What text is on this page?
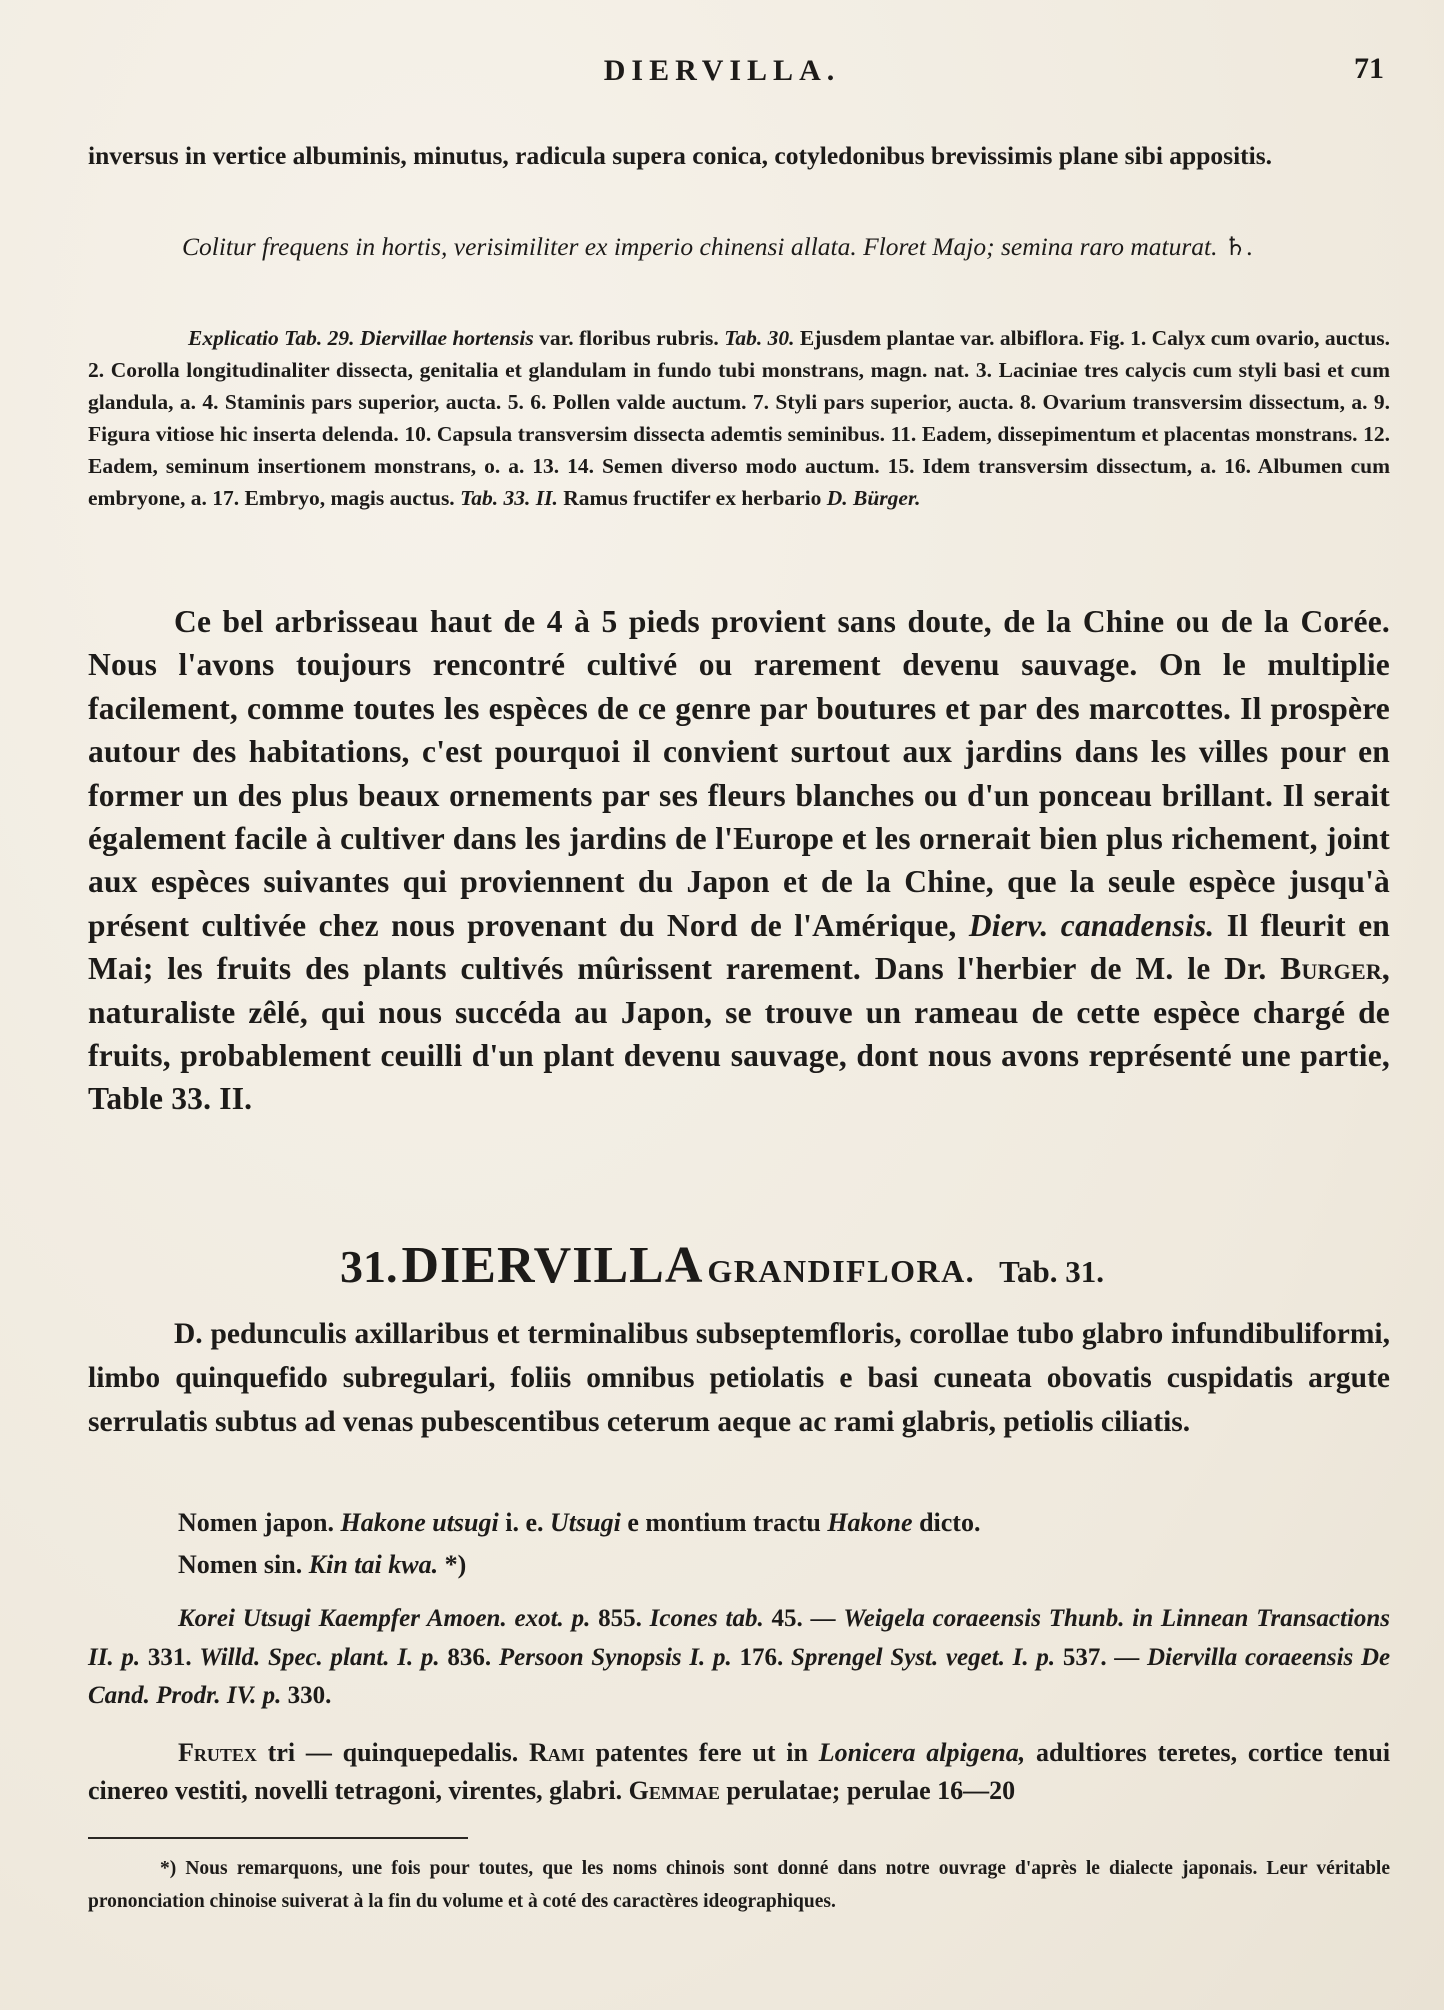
DIERVILLA.	71
inversus in vertice albuminis, minutus, radicula supera conica, cotyledonibus brevissimis plane sibi appositis.
Colitur frequens in hortis, verisimiliter ex imperio chinensi allata. Floret Majo; semina raro maturat. ♄.
Explicatio Tab. 29. Diervillae hortensis var. floribus rubris. Tab. 30. Ejusdem plantae var. albiflora. Fig. 1. Calyx cum ovario, auctus. 2. Corolla longitudinaliter dissecta, genitalia et glandulam in fundo tubi monstrans, magn. nat. 3. Laciniae tres calycis cum styli basi et cum glandula, a. 4. Staminis pars superior, aucta. 5. 6. Pollen valde auctum. 7. Styli pars superior, aucta. 8. Ovarium transversim dissectum, a. 9. Figura vitiose hic inserta delenda. 10. Capsula transversim dissecta ademtis seminibus. 11. Eadem, dissepimentum et placentas monstrans. 12. Eadem, seminum insertionem monstrans, o. a. 13. 14. Semen diverso modo auctum. 15. Idem transversim dissectum, a. 16. Albumen cum embryone, a. 17. Embryo, magis auctus. Tab. 33. II. Ramus fructifer ex herbario D. Bürger.
Ce bel arbrisseau haut de 4 à 5 pieds provient sans doute, de la Chine ou de la Corée. Nous l'avons toujours rencontré cultivé ou rarement devenu sauvage. On le multiplie facilement, comme toutes les espèces de ce genre par boutures et par des marcottes. Il prospère autour des habitations, c'est pourquoi il convient surtout aux jardins dans les villes pour en former un des plus beaux ornements par ses fleurs blanches ou d'un ponceau brillant. Il serait également facile à cultiver dans les jardins de l'Europe et les ornerait bien plus richement, joint aux espèces suivantes qui proviennent du Japon et de la Chine, que la seule espèce jusqu'à présent cultivée chez nous provenant du Nord de l'Amérique, Dierv. canadensis. Il fleurit en Mai; les fruits des plants cultivés mûrissent rarement. Dans l'herbier de M. le Dr. Burger, naturaliste zêlé, qui nous succéda au Japon, se trouve un rameau de cette espèce chargé de fruits, probablement ceuilli d'un plant devenu sauvage, dont nous avons représenté une partie, Table 33. II.
31. DIERVILLA GRANDIFLORA. Tab. 31.
D. pedunculis axillaribus et terminalibus subseptemfloris, corollae tubo glabro infundibuliformi, limbo quinquefido subregulari, foliis omnibus petiolatis e basi cuneata obovatis cuspidatis argute serrulatis subtus ad venas pubescentibus ceterum aeque ac rami glabris, petiolis ciliatis.
Nomen japon. Hakone utsugi i. e. Utsugi e montium tractu Hakone dicto.
Nomen sin. Kin tai kwa. *)
Korei Utsugi Kaempfer Amoen. exot. p. 855. Icones tab. 45. — Weigela coraeensis Thunb. in Linnean Transactions II. p. 331. Willd. Spec. plant. I. p. 836. Persoon Synopsis I. p. 176. Sprengel Syst. veget. I. p. 537. — Diervilla coraeensis De Cand. Prodr. IV. p. 330.
Frutex tri — quinquepedalis. Rami patentes fere ut in Lonicera alpigena, adultiores teretes, cortice tenui cinereo vestiti, novelli tetragoni, virentes, glabri. Gemmae perulatae; perulae 16—20
*) Nous remarquons, une fois pour toutes, que les noms chinois sont donné dans notre ouvrage d'après le dialecte japonais. Leur véritable prononciation chinoise suiverat à la fin du volume et à coté des caractères ideographiques.
